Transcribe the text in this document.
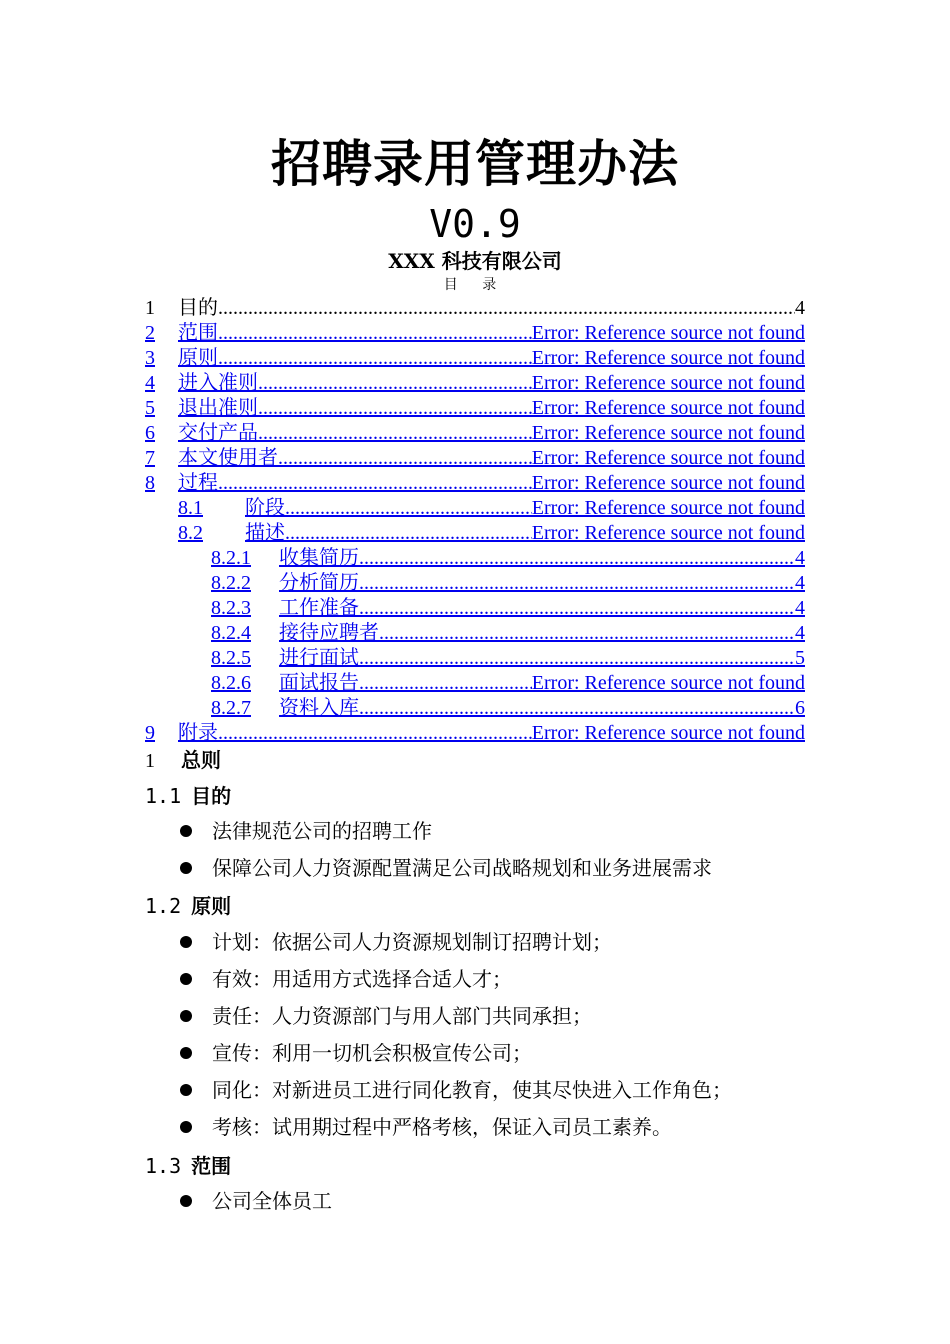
招聘录用管理办法
V0.9
XXX 科技有限公司
目 录
1	目的 .....	4
2	范围 .....	Error: Reference source not found
3	原则 .....	Error: Reference source not found
4	进入准则 .....	Error: Reference source not found
5	退出准则 .....	Error: Reference source not found
6	交付产品 .....	Error: Reference source not found
7	本文使用者 .....	Error: Reference source not found
8	过程 .....	Error: Reference source not found
8.1	阶段 .....	Error: Reference source not found
8.2	描述 .....	Error: Reference source not found
8.2.1	收集简历 .....	4
8.2.2	分析简历 .....	4
8.2.3	工作准备 .....	4
8.2.4	接待应聘者 .....	4
8.2.5	进行面试 .....	5
8.2.6	面试报告 .....	Error: Reference source not found
8.2.7	资料入库 .....	6
9	附录 .....	Error: Reference source not found
1 总则
1.1 目的
法律规范公司的招聘工作
保障公司人力资源配置满足公司战略规划和业务进展需求
1.2 原则
计划：依据公司人力资源规划制订招聘计划；
有效：用适用方式选择合适人才；
责任：人力资源部门与用人部门共同承担；
宣传：利用一切机会积极宣传公司；
同化：对新进员工进行同化教育，使其尽快进入工作角色；
考核：试用期过程中严格考核，保证入司员工素养。
1.3 范围
公司全体员工
